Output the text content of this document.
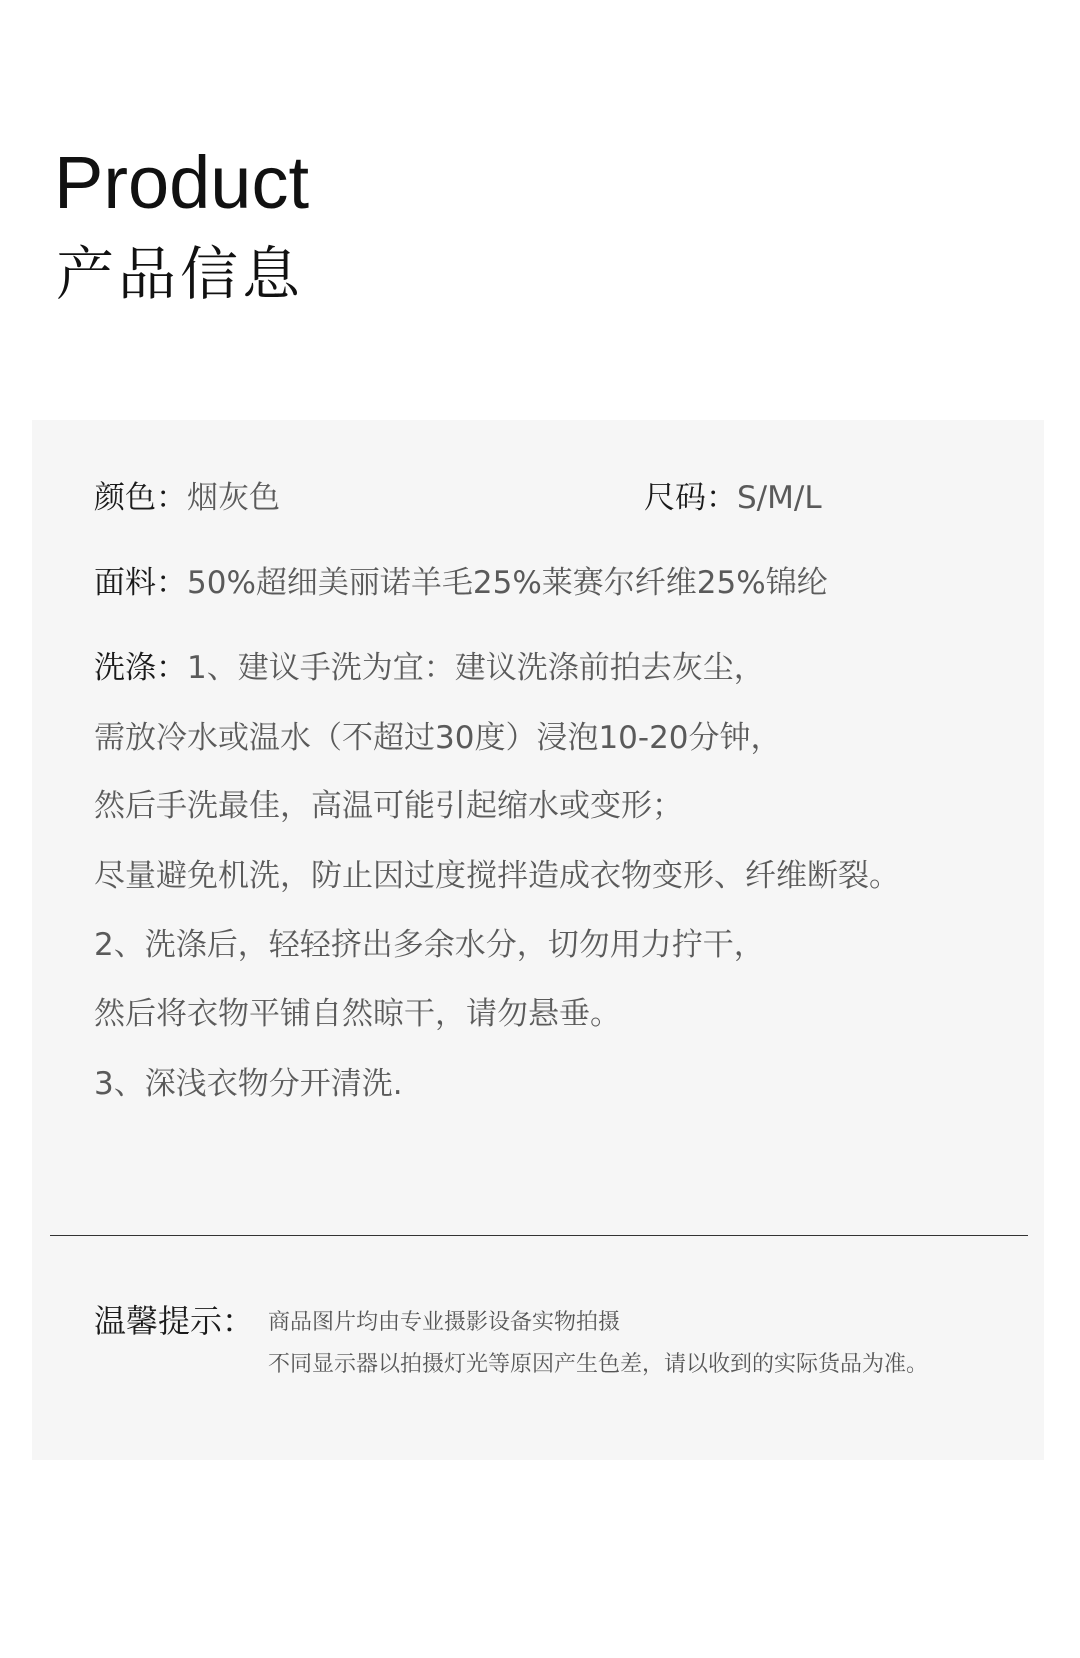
Product
产品信息
颜色：烟灰色	尺码：S/M/L
面料：50%超细美丽诺羊毛25%莱赛尔纤维25%锦纶
洗涤：1、建议手洗为宜：建议洗涤前拍去灰尘，
需放冷水或温水（不超过30度）浸泡10-20分钟，
然后手洗最佳，高温可能引起缩水或变形；
尽量避免机洗，防止因过度搅拌造成衣物变形、纤维断裂。
2、洗涤后，轻轻挤出多余水分，切勿用力拧干，
然后将衣物平铺自然晾干，请勿悬垂。
3、深浅衣物分开清洗.
温馨提示： 商品图片均由专业摄影设备实物拍摄
不同显示器以拍摄灯光等原因产生色差，请以收到的实际货品为准。
